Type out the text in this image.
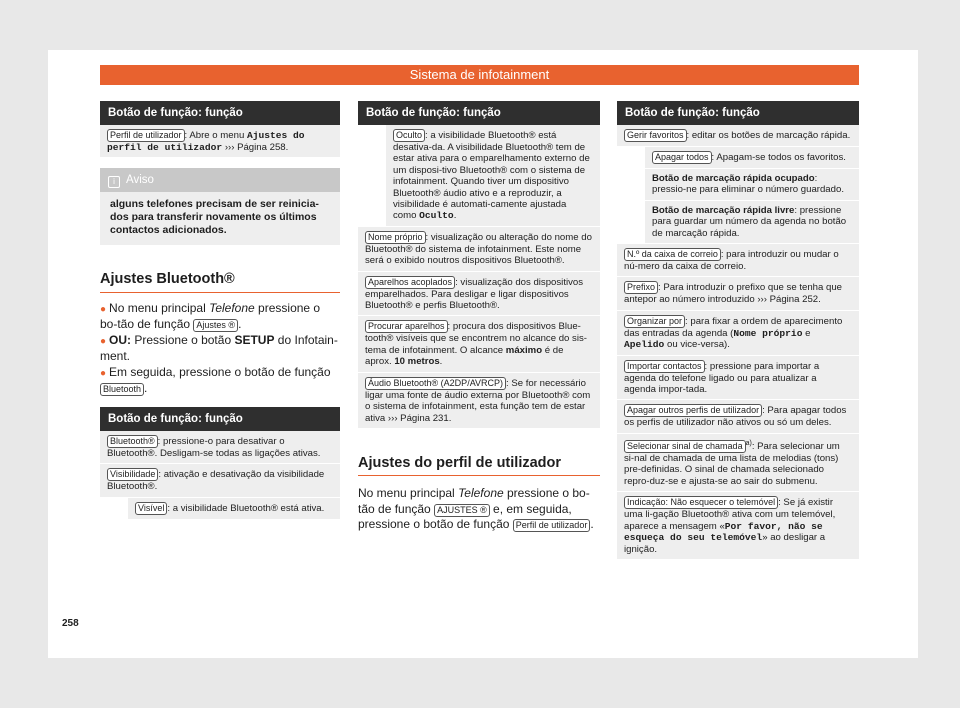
Sistema de infotainment
Botão de função: função
Perfil de utilizador : Abre o menu Ajustes do perfil de utilizador ››› Página 258.
i Aviso
alguns telefones precisam de ser reinicia-dos para transferir novamente os últimos contactos adicionados.
Ajustes Bluetooth®
● No menu principal Telefone pressione o bo-tão de função Ajustes ® .
● OU: Pressione o botão SETUP do Infotain-ment.
● Em seguida, pressione o botão de função Bluetooth .
Botão de função: função
Bluetooth® : pressione-o para desativar o Bluetooth®. Desligam-se todas as ligações ativas.
Visibilidade : ativação e desativação da visibilidade Bluetooth®.
Visível : a visibilidade Bluetooth® está ativa.
Botão de função: função
Oculto : a visibilidade Bluetooth® está desativa-da. A visibilidade Bluetooth® tem de estar ativa para o emparelhamento externo de um disposi-tivo Bluetooth® com o sistema de infotainment. Quando tiver um dispositivo Bluetooth® áudio ativo e a reproduzir, a visibilidade é automati-camente ajustada como Oculto.
Nome próprio : visualização ou alteração do nome do Bluetooth® do sistema de infotainment. Este nome será o exibido noutros dispositivos Bluetooth®.
Aparelhos acoplados : visualização dos dispositivos emparelhados. Para desligar e ligar dispositivos Bluetooth® e perfis Bluetooth®.
Procurar aparelhos : procura dos dispositivos Blue-tooth® visíveis que se encontrem no alcance do sis-tema de infotainment. O alcance máximo é de aprox. 10 metros.
Áudio Bluetooth® (A2DP/AVRCP) : Se for necessário ligar uma fonte de áudio externa por Bluetooth® com o sistema de infotainment, esta função tem de estar ativa ››› Página 231.
Ajustes do perfil de utilizador
No menu principal Telefone pressione o bo-tão de função AJUSTES ® e, em seguida, pressione o botão de função Perfil de utilizador .
Botão de função: função
Gerir favoritos : editar os botões de marcação rápida.
Apagar todos : Apagam-se todos os favoritos.
Botão de marcação rápida ocupado: pressio-ne para eliminar o número guardado.
Botão de marcação rápida livre: pressione para guardar um número da agenda no botão de marcação rápida.
N.º da caixa de correio : para introduzir ou mudar o nú-mero da caixa de correio.
Prefixo : Para introduzir o prefixo que se tenha que antepor ao número introduzido ››› Página 252.
Organizar por : para fixar a ordem de aparecimento das entradas da agenda (Nome próprio e Apelido ou vice-versa).
Importar contactos : pressione para importar a agenda do telefone ligado ou para atualizar a agenda impor-tada.
Apagar outros perfis de utilizador : Para apagar todos os perfis de utilizador não ativos ou só um deles.
Selecionar sinal de chamada $^{a)}$: Para selecionar um si-nal de chamada de uma lista de melodias (tons) pre-definidas. O sinal de chamada selecionado repro-duz-se e ajusta-se ao sair do submenu.
Indicação: Não esquecer o telemóvel : Se já existir uma li-gação Bluetooth® ativa com um telemóvel, aparece a mensagem «Por favor, não se esqueça do seu telemóvel» ao desligar a ignição.
258
